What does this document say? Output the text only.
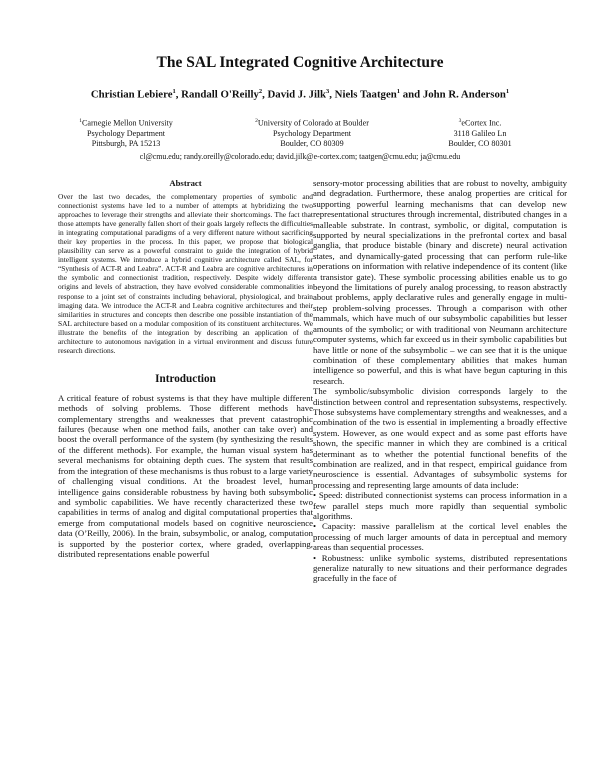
The SAL Integrated Cognitive Architecture
Christian Lebiere$^1$, Randall O'Reilly$^2$, David J. Jilk$^3$, Niels Taatgen$^1$ and John R. Anderson$^1$
$^1$Carnegie Mellon University
Psychology Department
Pittsburgh, PA 15213
$^2$University of Colorado at Boulder
Psychology Department
Boulder, CO 80309
$^3$eCortex Inc.
3118 Galileo Ln
Boulder, CO 80301
cl@cmu.edu; randy.oreilly@colorado.edu; david.jilk@e-cortex.com; taatgen@cmu.edu; ja@cmu.edu
Abstract

Over the last two decades, the complementary properties of symbolic and connectionist systems have led to a number of attempts at hybridizing the two approaches to leverage their strengths and alleviate their shortcomings. The fact that those attempts have generally fallen short of their goals largely reflects the difficulties in integrating computational paradigms of a very different nature without sacrificing their key properties in the process. In this paper, we propose that biological plausibility can serve as a powerful constraint to guide the integration of hybrid intelligent systems. We introduce a hybrid cognitive architecture called SAL, for “Synthesis of ACT-R and Leabra”. ACT-R and Leabra are cognitive architectures in the symbolic and connectionist tradition, respectively. Despite widely different origins and levels of abstraction, they have evolved considerable commonalities in response to a joint set of constraints including behavioral, physiological, and brain imaging data. We introduce the ACT-R and Leabra cognitive architectures and their similarities in structures and concepts then describe one possible instantiation of the SAL architecture based on a modular composition of its constituent architectures. We illustrate the benefits of the integration by describing an application of the architecture to autonomous navigation in a virtual environment and discuss future research directions.

Introduction

A critical feature of robust systems is that they have multiple different methods of solving problems. Those different methods have complementary strengths and weaknesses that prevent catastrophic failures (because when one method fails, another can take over) and boost the overall performance of the system (by synthesizing the results of the different methods). For example, the human visual system has several mechanisms for obtaining depth cues. The system that results from the integration of these mechanisms is thus robust to a large variety of challenging visual conditions. At the broadest level, human intelligence gains considerable robustness by having both subsymbolic and symbolic capabilities. We have recently characterized these two capabilities in terms of analog and digital computational properties that emerge from computational models based on cognitive neuroscience data (O’Reilly, 2006). In the brain, subsymbolic, or analog, computation is supported by the posterior cortex, where graded, overlapping, distributed representations enable powerful

sensory-motor processing abilities that are robust to novelty, ambiguity and degradation. Furthermore, these analog properties are critical for supporting powerful learning mechanisms that can develop new representational structures through incremental, distributed changes in a malleable substrate. In contrast, symbolic, or digital, computation is supported by neural specializations in the prefrontal cortex and basal ganglia, that produce bistable (binary and discrete) neural activation states, and dynamically-gated processing that can perform rule-like operations on information with relative independence of its content (like a transistor gate). These symbolic processing abilities enable us to go beyond the limitations of purely analog processing, to reason abstractly about problems, apply declarative rules and generally engage in multi-step problem-solving processes. Through a comparison with other mammals, which have much of our subsymbolic capabilities but lesser amounts of the symbolic; or with traditional von Neumann architecture computer systems, which far exceed us in their symbolic capabilities but have little or none of the subsymbolic – we can see that it is the unique combination of these complementary abilities that makes human intelligence so powerful, and this is what have begun capturing in this research.

The symbolic/subsymbolic division corresponds largely to the distinction between control and representation subsystems, respectively. Those subsystems have complementary strengths and weaknesses, and a combination of the two is essential in implementing a broadly effective system. However, as one would expect and as some past efforts have shown, the specific manner in which they are combined is a critical determinant as to whether the potential functional benefits of the combination are realized, and in that respect, empirical guidance from neuroscience is essential. Advantages of subsymbolic systems for processing and representing large amounts of data include:

• Speed: distributed connectionist systems can process information in a few parallel steps much more rapidly than sequential symbolic algorithms.

• Capacity: massive parallelism at the cortical level enables the processing of much larger amounts of data in perceptual and memory areas than sequential processes.

• Robustness: unlike symbolic systems, distributed representations generalize naturally to new situations and their performance degrades gracefully in the face of
